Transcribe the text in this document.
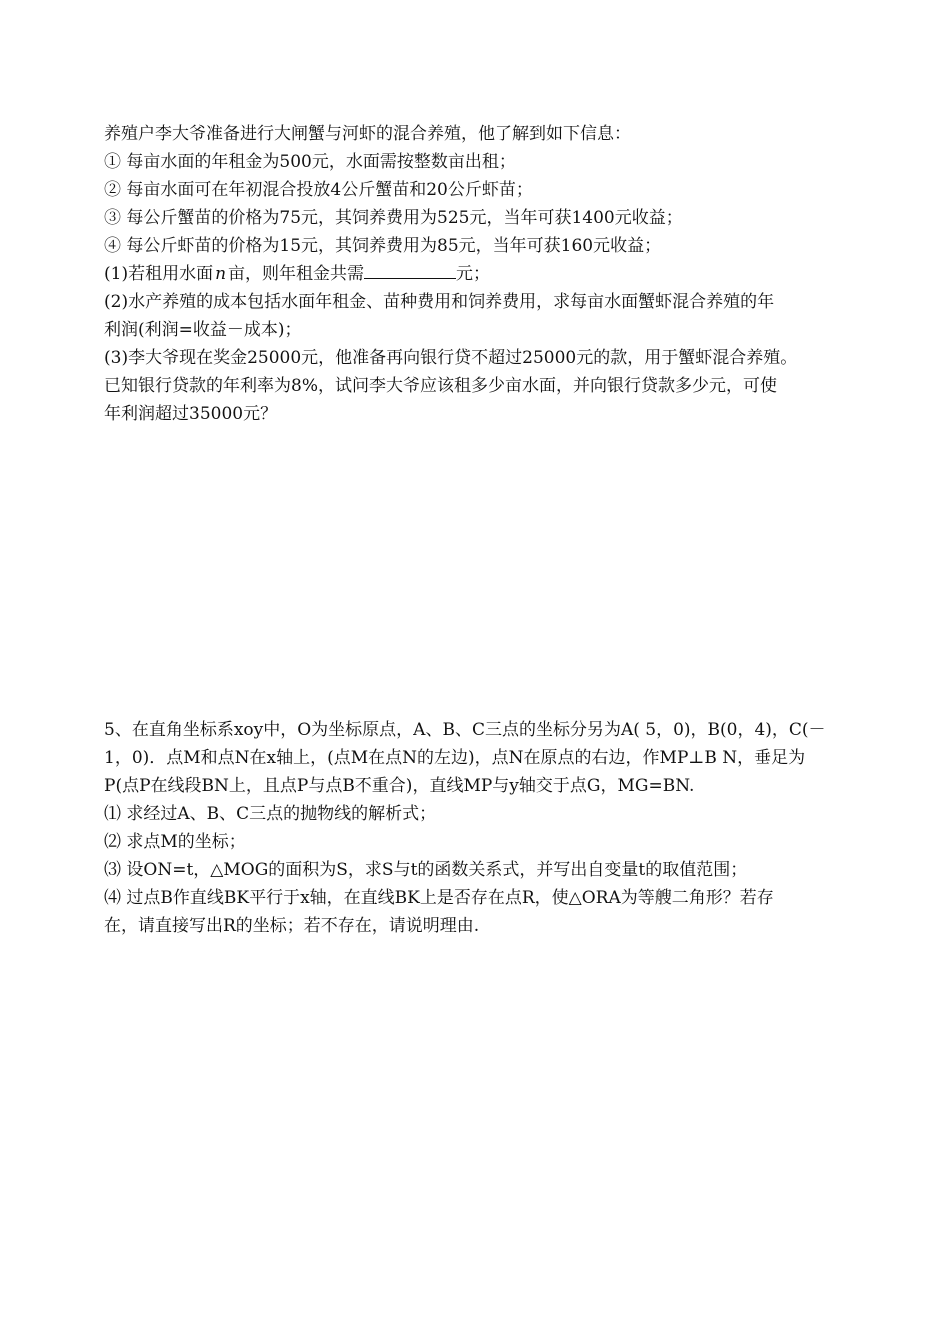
养殖户李大爷准备进行大闸蟹与河虾的混合养殖，他了解到如下信息：
① 每亩水面的年租金为500元，水面需按整数亩出租；
② 每亩水面可在年初混合投放4公斤蟹苗和20公斤虾苗；
③ 每公斤蟹苗的价格为75元，其饲养费用为525元，当年可获1400元收益；
④ 每公斤虾苗的价格为15元，其饲养费用为85元，当年可获160元收益；
(1)若租用水面 n 亩，则年租金共需	元；
(2)水产养殖的成本包括水面年租金、苗种费用和饲养费用，求每亩水面蟹虾混合养殖的年
利润(利润=收益－成本)；
(3)李大爷现在奖金25000元，他准备再向银行贷不超过25000元的款，用于蟹虾混合养殖。
已知银行贷款的年利率为8%，试问李大爷应该租多少亩水面，并向银行贷款多少元，可使
年利润超过35000元？
5、在直角坐标系xoy中，O为坐标原点，A、B、C三点的坐标分另为A( 5，0)，B(0，4)，C(－
1，0)．点M和点N在x轴上，(点M在点N的左边)，点N在原点的右边，作MP⊥B N，垂足为
P(点P在线段BN上，且点P与点B不重合)，直线MP与y轴交于点G，MG=BN.
⑴ 求经过A、B、C三点的抛物线的解析式；
⑵ 求点M的坐标；
⑶ 设ON=t，△MOG的面积为S，求S与t的函数关系式，并写出自变量t的取值范围；
⑷ 过点B作直线BK平行于x轴，在直线BK上是否存在点R，使△ORA为等艘二角形？若存
在，请直接写出R的坐标；若不存在，请说明理由.
